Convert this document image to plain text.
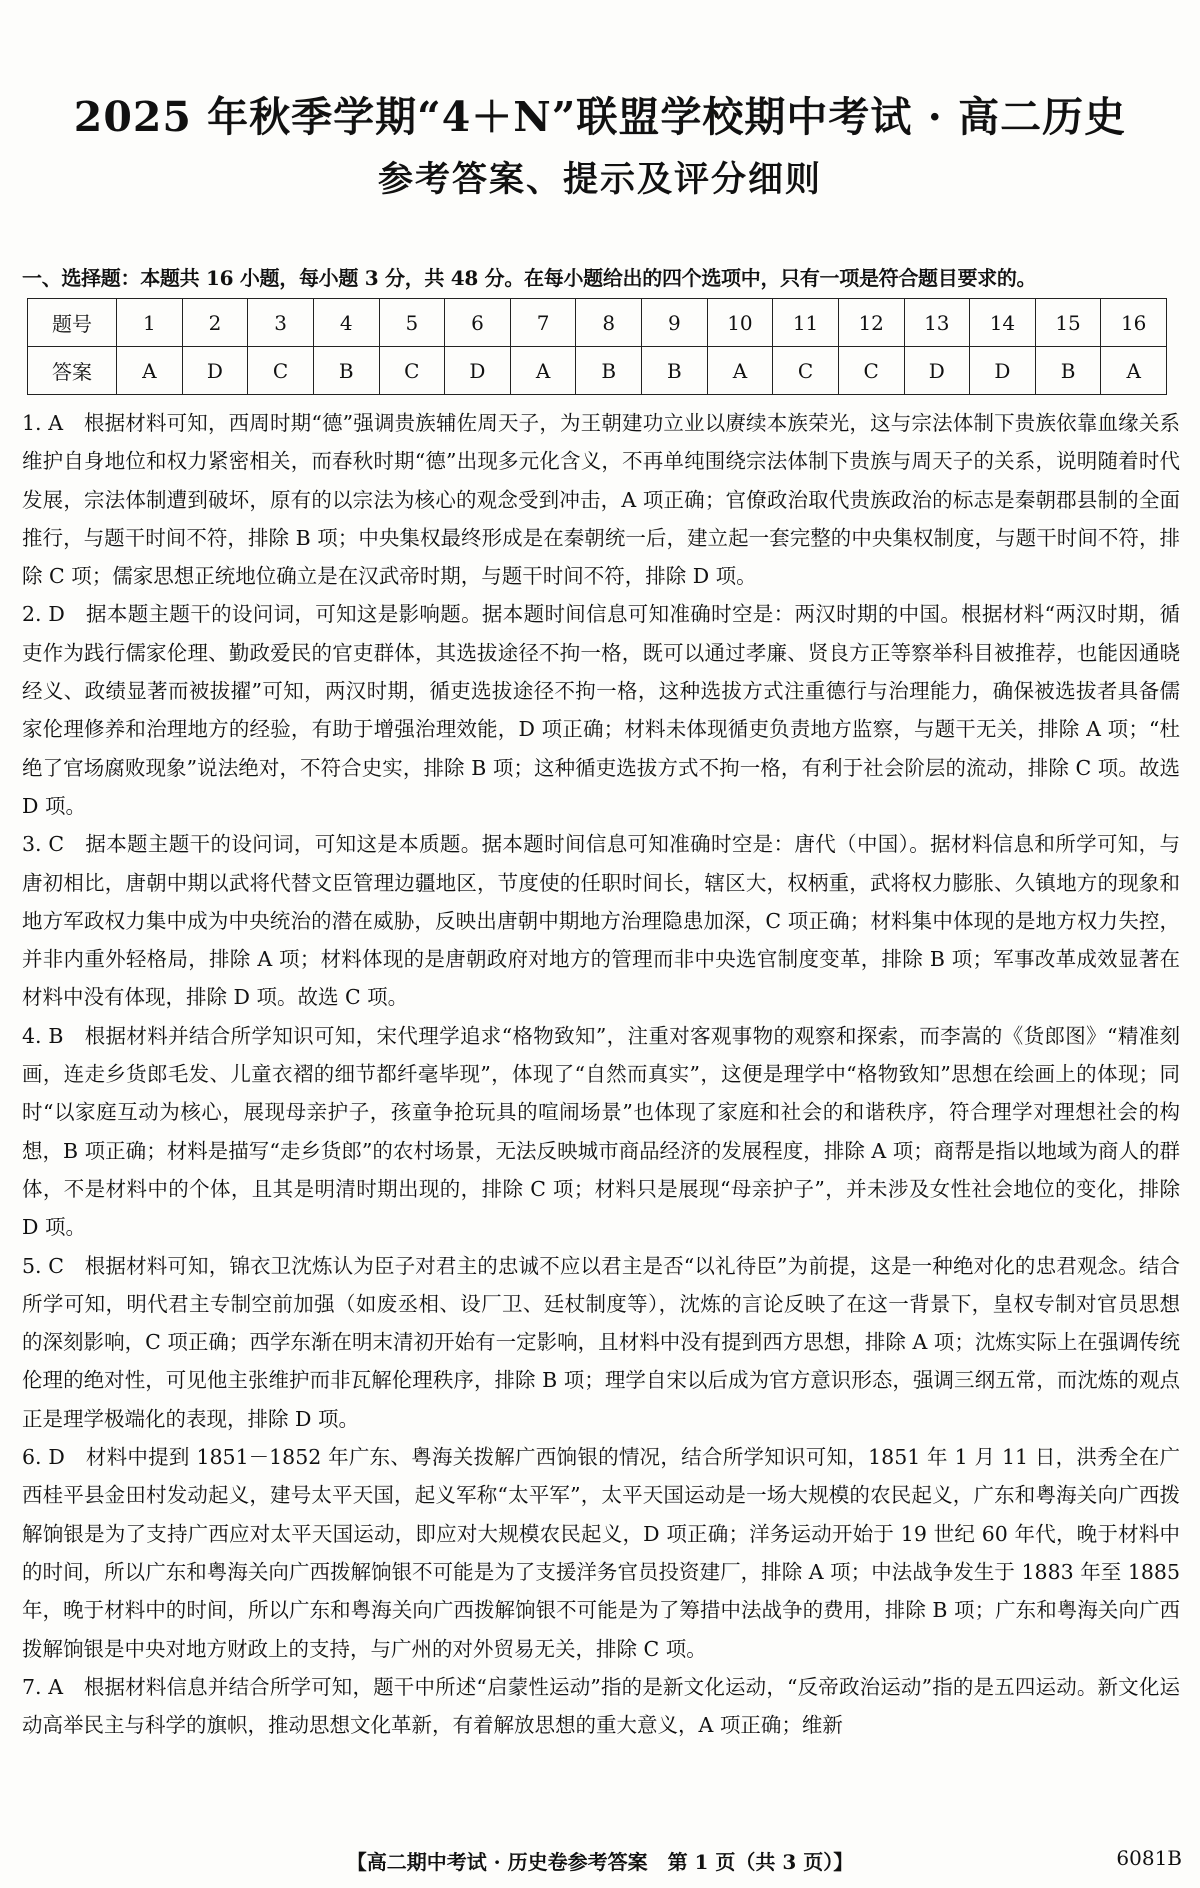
2025 年秋季学期“4＋N”联盟学校期中考试 · 高二历史
参考答案、提示及评分细则
一、选择题：本题共 16 小题，每小题 3 分，共 48 分。在每小题给出的四个选项中，只有一项是符合题目要求的。
题号	1	2	3	4	5	6	7	8	9	10	11	12	13	14	15	16
答案	A	D	C	B	C	D	A	B	B	A	C	C	D	D	B	A

1. A　 根据材料可知，西周时期“德”强调贵族辅佐周天子，为王朝建功立业以赓续本族荣光，这与宗法体制下贵族依靠血缘关系维护自身地位和权力紧密相关，而春秋时期“德”出现多元化含义，不再单纯围绕宗法体制下贵族与周天子的关系，说明随着时代发展，宗法体制遭到破坏，原有的以宗法为核心的观念受到冲击，A 项正确；官僚政治取代贵族政治的标志是秦朝郡县制的全面推行，与题干时间不符，排除 B 项；中央集权最终形成是在秦朝统一后，建立起一套完整的中央集权制度，与题干时间不符，排除 C 项；儒家思想正统地位确立是在汉武帝时期，与题干时间不符，排除 D 项。

2. D　 据本题主题干的设问词，可知这是影响题。据本题时间信息可知准确时空是：两汉时期的中国。根据材料“两汉时期，循吏作为践行儒家伦理、勤政爱民的官吏群体，其选拔途径不拘一格，既可以通过孝廉、贤良方正等察举科目被推荐，也能因通晓经义、政绩显著而被拔擢”可知，两汉时期，循吏选拔途径不拘一格，这种选拔方式注重德行与治理能力，确保被选拔者具备儒家伦理修养和治理地方的经验，有助于增强治理效能，D 项正确；材料未体现循吏负责地方监察，与题干无关，排除 A 项；“杜绝了官场腐败现象”说法绝对，不符合史实，排除 B 项；这种循吏选拔方式不拘一格，有利于社会阶层的流动，排除 C 项。故选 D 项。

3. C　 据本题主题干的设问词，可知这是本质题。据本题时间信息可知准确时空是：唐代（中国）。据材料信息和所学可知，与唐初相比，唐朝中期以武将代替文臣管理边疆地区，节度使的任职时间长，辖区大，权柄重，武将权力膨胀、久镇地方的现象和地方军政权力集中成为中央统治的潜在威胁，反映出唐朝中期地方治理隐患加深，C 项正确；材料集中体现的是地方权力失控，并非内重外轻格局，排除 A 项；材料体现的是唐朝政府对地方的管理而非中央选官制度变革，排除 B 项；军事改革成效显著在材料中没有体现，排除 D 项。故选 C 项。

4. B　 根据材料并结合所学知识可知，宋代理学追求“格物致知”，注重对客观事物的观察和探索，而李嵩的《货郎图》“精准刻画，连走乡货郎毛发、儿童衣褶的细节都纤毫毕现”，体现了“自然而真实”，这便是理学中“格物致知”思想在绘画上的体现；同时“以家庭互动为核心，展现母亲护子，孩童争抢玩具的喧闹场景”也体现了家庭和社会的和谐秩序，符合理学对理想社会的构想，B 项正确；材料是描写“走乡货郎”的农村场景，无法反映城市商品经济的发展程度，排除 A 项；商帮是指以地域为商人的群体，不是材料中的个体，且其是明清时期出现的，排除 C 项；材料只是展现“母亲护子”，并未涉及女性社会地位的变化，排除 D 项。

5. C　 根据材料可知，锦衣卫沈炼认为臣子对君主的忠诚不应以君主是否“以礼待臣”为前提，这是一种绝对化的忠君观念。结合所学可知，明代君主专制空前加强（如废丞相、设厂卫、廷杖制度等），沈炼的言论反映了在这一背景下，皇权专制对官员思想的深刻影响，C 项正确；西学东渐在明末清初开始有一定影响，且材料中没有提到西方思想，排除 A 项；沈炼实际上在强调传统伦理的绝对性，可见他主张维护而非瓦解伦理秩序，排除 B 项；理学自宋以后成为官方意识形态，强调三纲五常，而沈炼的观点正是理学极端化的表现，排除 D 项。

6. D　 材料中提到 1851－1852 年广东、粤海关拨解广西饷银的情况，结合所学知识可知，1851 年 1 月 11 日，洪秀全在广西桂平县金田村发动起义，建号太平天国，起义军称“太平军”，太平天国运动是一场大规模的农民起义，广东和粤海关向广西拨解饷银是为了支持广西应对太平天国运动，即应对大规模农民起义，D 项正确；洋务运动开始于 19 世纪 60 年代，晚于材料中的时间，所以广东和粤海关向广西拨解饷银不可能是为了支援洋务官员投资建厂，排除 A 项；中法战争发生于 1883 年至 1885 年，晚于材料中的时间，所以广东和粤海关向广西拨解饷银不可能是为了筹措中法战争的费用，排除 B 项；广东和粤海关向广西拨解饷银是中央对地方财政上的支持，与广州的对外贸易无关，排除 C 项。

7. A　 根据材料信息并结合所学可知，题干中所述“启蒙性运动”指的是新文化运动，“反帝政治运动”指的是五四运动。新文化运动高举民主与科学的旗帜，推动思想文化革新，有着解放思想的重大意义，A 项正确；维新

【高二期中考试 · 历史卷参考答案　第 1 页（共 3 页）】	6081B
